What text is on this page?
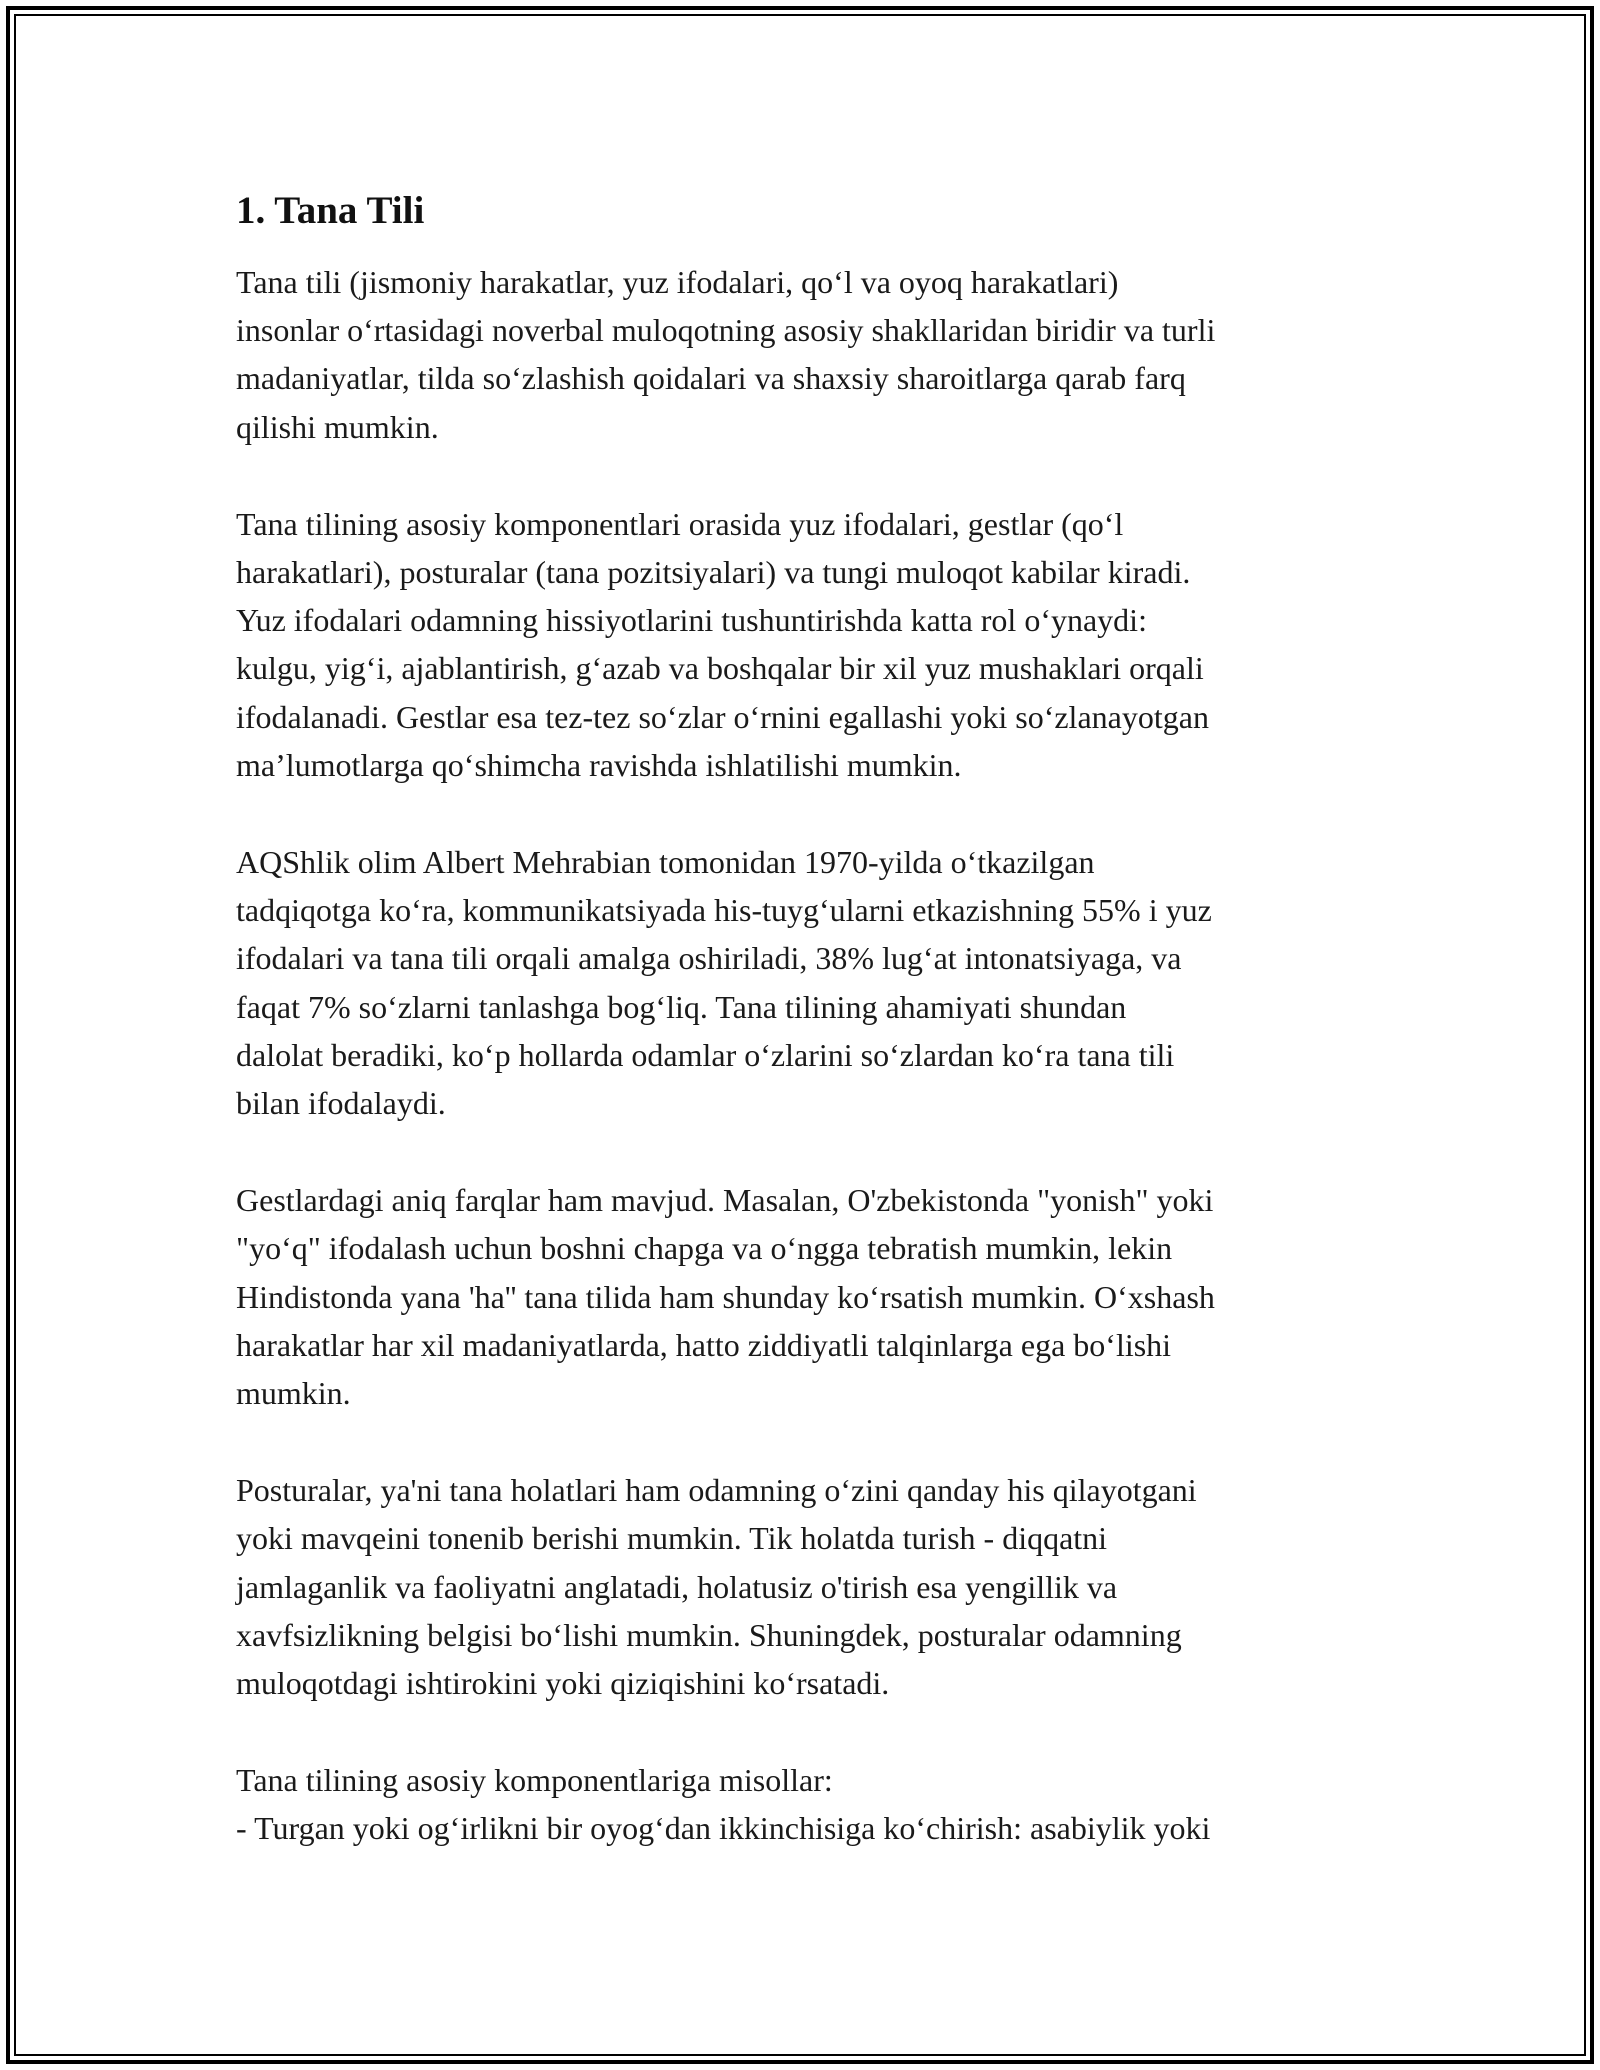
1. Tana Tili
Tana tili (jismoniy harakatlar, yuz ifodalari, qo‘l va oyoq harakatlari)
insonlar o‘rtasidagi noverbal muloqotning asosiy shakllaridan biridir va turli
madaniyatlar, tilda so‘zlashish qoidalari va shaxsiy sharoitlarga qarab farq
qilishi mumkin.
Tana tilining asosiy komponentlari orasida yuz ifodalari, gestlar (qo‘l
harakatlari), posturalar (tana pozitsiyalari) va tungi muloqot kabilar kiradi.
Yuz ifodalari odamning hissiyotlarini tushuntirishda katta rol o‘ynaydi:
kulgu, yig‘i, ajablantirish, g‘azab va boshqalar bir xil yuz mushaklari orqali
ifodalanadi. Gestlar esa tez-tez so‘zlar o‘rnini egallashi yoki so‘zlanayotgan
ma’lumotlarga qo‘shimcha ravishda ishlatilishi mumkin.
AQShlik olim Albert Mehrabian tomonidan 1970-yilda o‘tkazilgan
tadqiqotga ko‘ra, kommunikatsiyada his-tuyg‘ularni etkazishning 55% i yuz
ifodalari va tana tili orqali amalga oshiriladi, 38% lug‘at intonatsiyaga, va
faqat 7% so‘zlarni tanlashga bog‘liq. Tana tilining ahamiyati shundan
dalolat beradiki, ko‘p hollarda odamlar o‘zlarini so‘zlardan ko‘ra tana tili
bilan ifodalaydi.
Gestlardagi aniq farqlar ham mavjud. Masalan, O'zbekistonda "yonish" yoki
"yo‘q" ifodalash uchun boshni chapga va o‘ngga tebratish mumkin, lekin
Hindistonda yana 'ha'' tana tilida ham shunday ko‘rsatish mumkin. O‘xshash
harakatlar har xil madaniyatlarda, hatto ziddiyatli talqinlarga ega bo‘lishi
mumkin.
Posturalar, ya'ni tana holatlari ham odamning o‘zini qanday his qilayotgani
yoki mavqeini tonenib berishi mumkin. Tik holatda turish - diqqatni
jamlaganlik va faoliyatni anglatadi, holatusiz o'tirish esa yengillik va
xavfsizlikning belgisi bo‘lishi mumkin. Shuningdek, posturalar odamning
muloqotdagi ishtirokini yoki qiziqishini ko‘rsatadi.
Tana tilining asosiy komponentlariga misollar:
- Turgan yoki og‘irlikni bir oyog‘dan ikkinchisiga ko‘chirish: asabiylik yoki
